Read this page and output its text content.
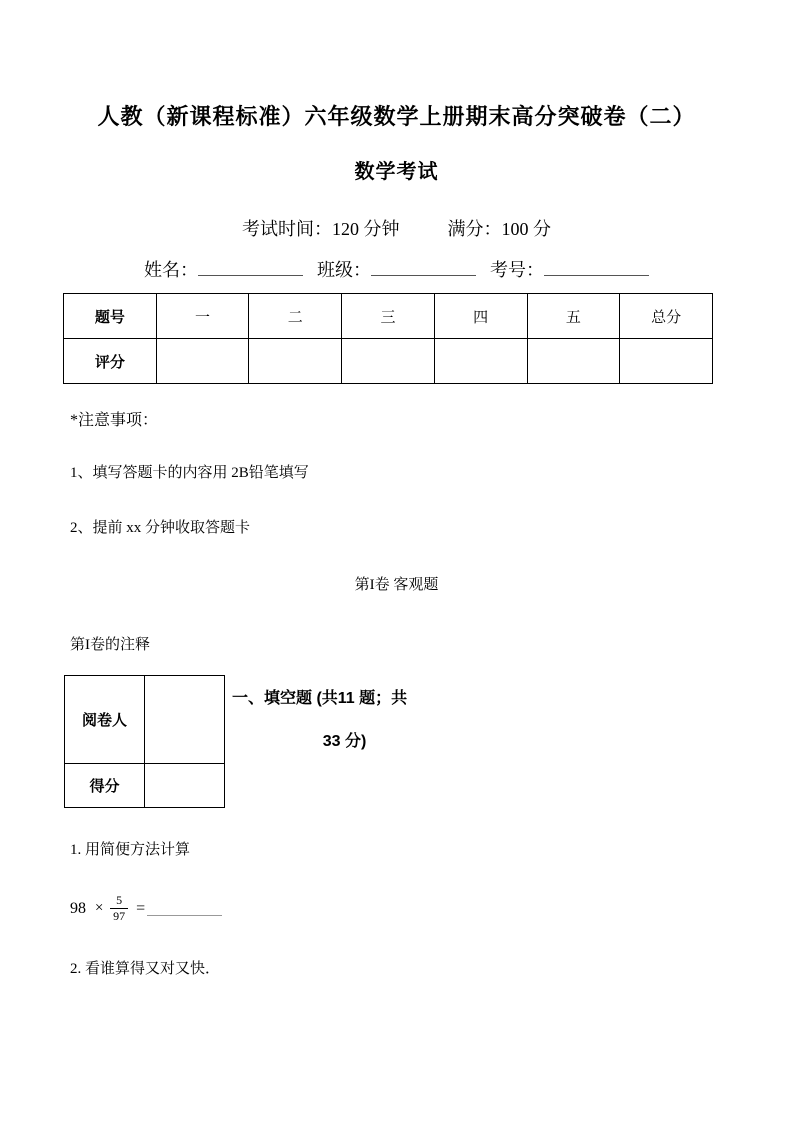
人教（新课程标准）六年级数学上册期末高分突破卷（二）
数学考试
考试时间：120 分钟	满分：100 分
姓名：	班级：	考号：
题号	一	二	三	四	五	总分
评分						
*注意事项：
1、填写答题卡的内容用 2B铅笔填写
2、提前 xx 分钟收取答题卡
第I卷 客观题
第I卷的注释
阅卷人	
得分	
一、填空题 (共11 题；共
33 分)
1. 用简便方法计算
$98 \times \frac{5}{97}$ =
2. 看谁算得又对又快．
